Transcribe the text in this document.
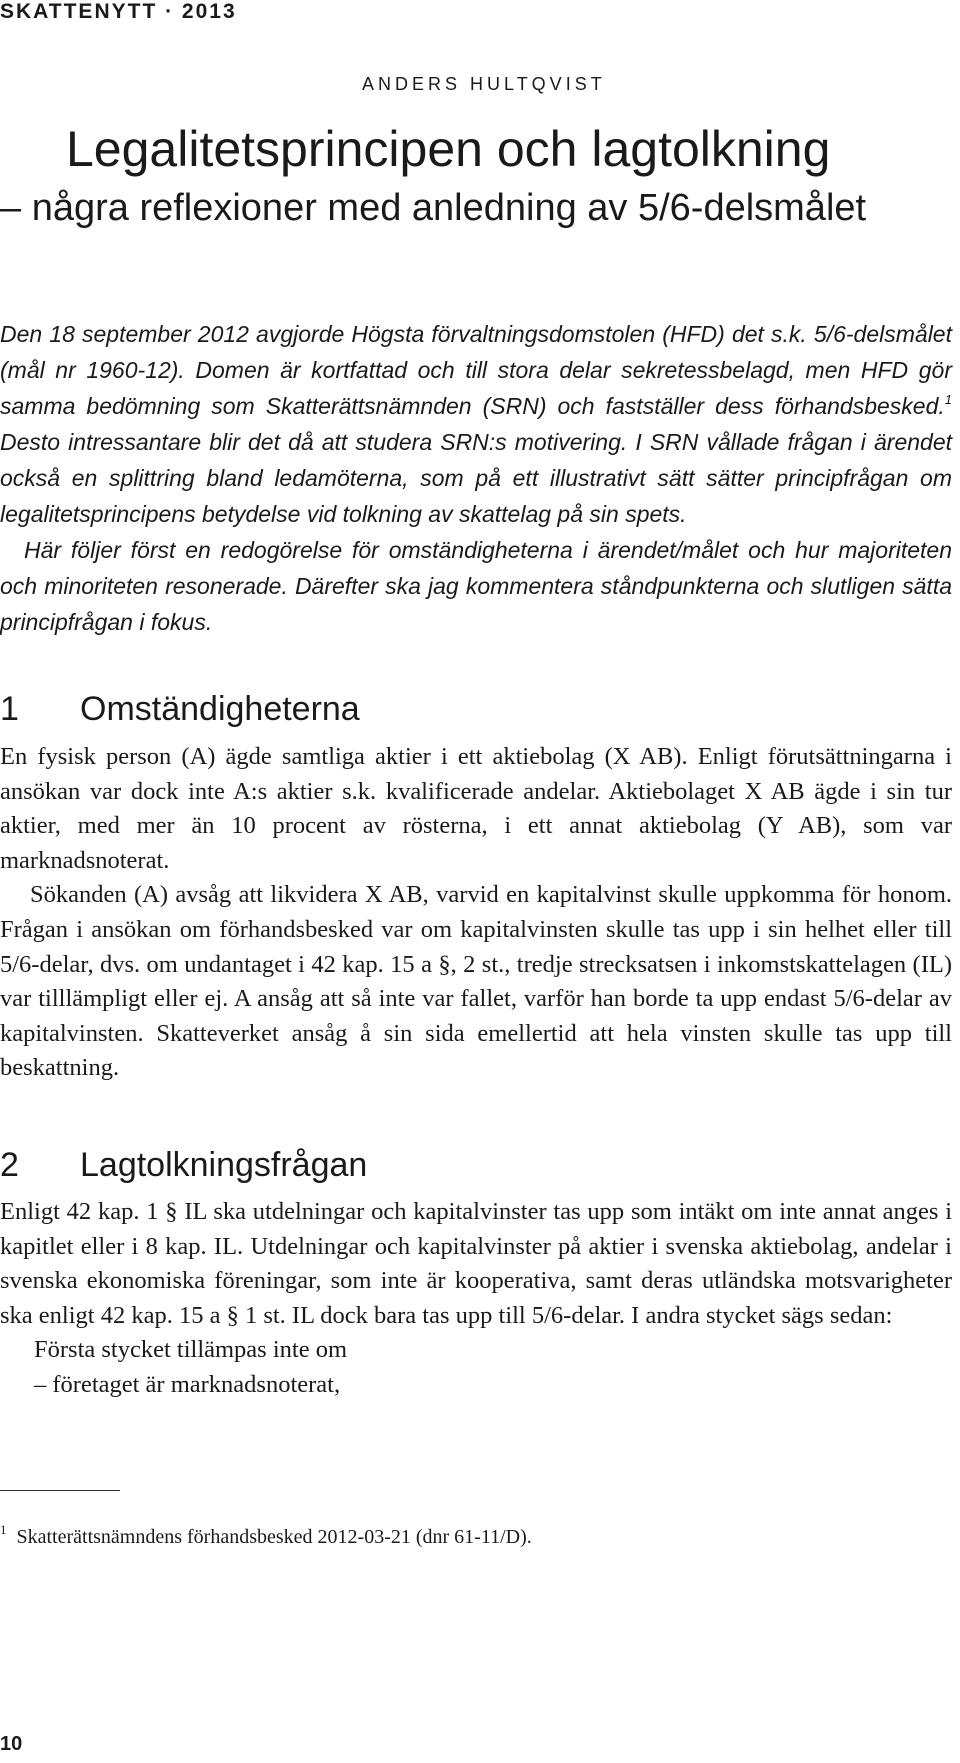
SKATTENYTT · 2013
ANDERS HULTQVIST
Legalitetsprincipen och lagtolkning
– några reflexioner med anledning av 5/6-delsmålet

Den 18 september 2012 avgjorde Högsta förvaltningsdomstolen (HFD) det s.k. 5/6-delsmålet (mål nr 1960-12). Domen är kortfattad och till stora delar sekretessbelagd, men HFD gör samma bedömning som Skatterättsnämnden (SRN) och fastställer dess förhandsbesked.$^1$ Desto intressantare blir det då att studera SRN:s motivering. I SRN vållade frågan i ärendet också en splittring bland ledamöterna, som på ett illustrativt sätt sätter principfrågan om legalitetsprincipens betydelse vid tolkning av skattelag på sin spets.

Här följer först en redogörelse för omständigheterna i ärendet/målet och hur majoriteten och minoriteten resonerade. Därefter ska jag kommentera ståndpunkterna och slutligen sätta principfrågan i fokus.

1 Omständigheterna

En fysisk person (A) ägde samtliga aktier i ett aktiebolag (X AB). Enligt förutsättningarna i ansökan var dock inte A:s aktier s.k. kvalificerade andelar. Aktiebolaget X AB ägde i sin tur aktier, med mer än 10 procent av rösterna, i ett annat aktiebolag (Y AB), som var marknadsnoterat.

Sökanden (A) avsåg att likvidera X AB, varvid en kapitalvinst skulle uppkomma för honom. Frågan i ansökan om förhandsbesked var om kapitalvinsten skulle tas upp i sin helhet eller till 5/6-delar, dvs. om undantaget i 42 kap. 15 a §, 2 st., tredje strecksatsen i inkomstskattelagen (IL) var tilllämpligt eller ej. A ansåg att så inte var fallet, varför han borde ta upp endast 5/6-delar av kapitalvinsten. Skatteverket ansåg å sin sida emellertid att hela vinsten skulle tas upp till beskattning.

2 Lagtolkningsfrågan

Enligt 42 kap. 1 § IL ska utdelningar och kapitalvinster tas upp som intäkt om inte annat anges i kapitlet eller i 8 kap. IL. Utdelningar och kapitalvinster på aktier i svenska aktiebolag, andelar i svenska ekonomiska föreningar, som inte är kooperativa, samt deras utländska motsvarigheter ska enligt 42 kap. 15 a § 1 st. IL dock bara tas upp till 5/6-delar. I andra stycket sägs sedan:

Första stycket tillämpas inte om

– företaget är marknadsnoterat,

$^1$ Skatterättsnämndens förhandsbesked 2012-03-21 (dnr 61-11/D).
10
